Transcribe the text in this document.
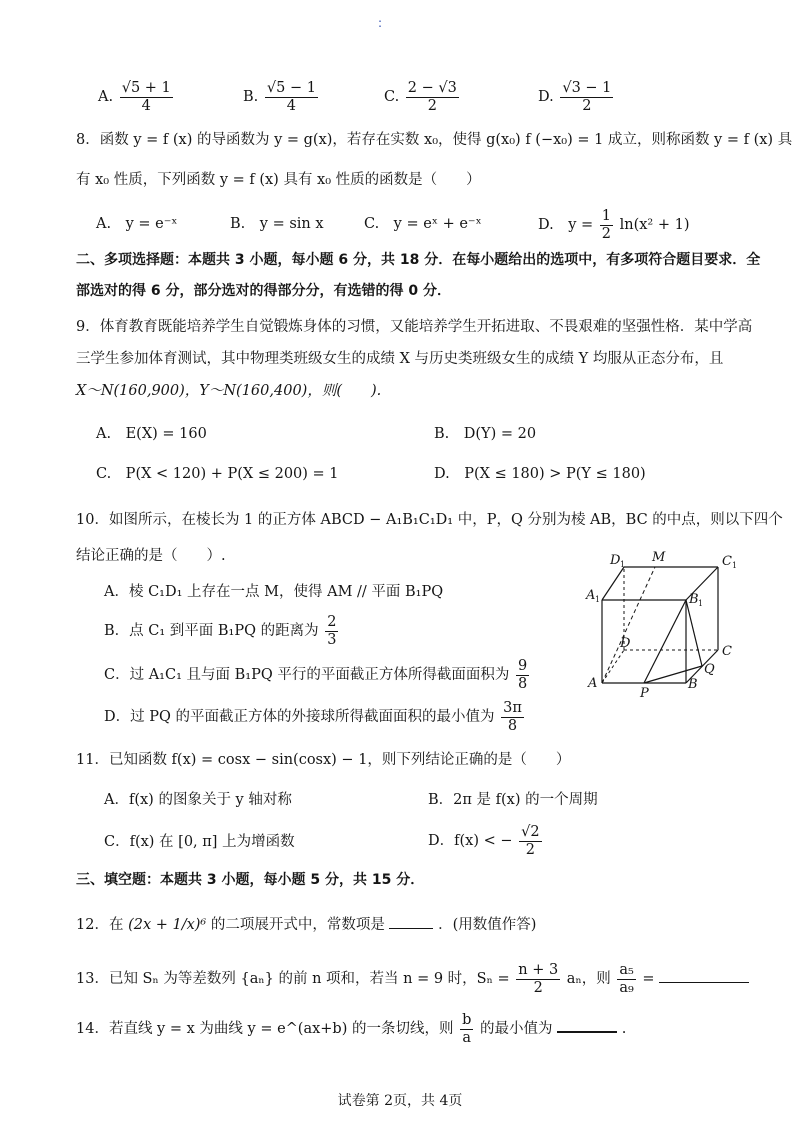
:
A. $\frac{√5 + 1}{4}$	B. $\frac{√5 - 1}{4}$	C. $\frac{2 - √3}{2}$	D. $\frac{√3 - 1}{2}$
8．函数 y = f (x) 的导函数为 y = g(x)，若存在实数 x₀，使得 g(x₀) f (−x₀) = 1 成立，则称函数 y = f (x) 具
有 x₀ 性质，下列函数 y = f (x) 具有 x₀ 性质的函数是（　　）
A.　y = e⁻ˣ	B.　y = sin x	C.　y = eˣ + e⁻ˣ	D.　$y = \frac{1}{2} \ln(x^2 + 1)$
二、多项选择题：本题共 3 小题，每小题 6 分，共 18 分．在每小题给出的选项中，有多项符合题目要求．全
部选对的得 6 分，部分选对的得部分分，有选错的得 0 分．
9．体育教育既能培养学生自觉锻炼身体的习惯，又能培养学生开拓进取、不畏艰难的坚强性格．某中学高
三学生参加体育测试，其中物理类班级女生的成绩 X 与历史类班级女生的成绩 Y 均服从正态分布，且
X～N(160,900)，Y～N(160,400)，则(　　).
A.　E(X) = 160	B.　D(Y) = 20
C.　P(X < 120) + P(X ≤ 200) = 1	D.　P(X ≤ 180) > P(Y ≤ 180)
10．如图所示，在棱长为 1 的正方体 ABCD − A₁B₁C₁D₁ 中，P，Q 分别为棱 AB，BC 的中点，则以下四个
结论正确的是（　　）.
A．棱 C₁D₁ 上存在一点 M，使得 AM // 平面 B₁PQ
B．点 C₁ 到平面 B₁PQ 的距离为 $\frac{2}{3}$
C．过 A₁C₁ 且与面 B₁PQ 平行的平面截正方体所得截面面积为 $\frac{9}{8}$
D．过 PQ 的平面截正方体的外接球所得截面面积的最小值为 $\frac{3\pi}{8}$
D 1 M	C 1
A 1	B 1
D
C
Q
A
P
B
11．已知函数 f(x) = cosx − sin(cosx) − 1，则下列结论正确的是（　　）
A．f(x) 的图象关于 y 轴对称	B．2π 是 f(x) 的一个周期
C．f(x) 在 [0, π] 上为增函数	D．f(x) < − $\frac{√2}{2}$
三、填空题：本题共 3 小题，每小题 5 分，共 15 分．
12．在 (2x + 1/x)⁶ 的二项展开式中，常数项是	．(用数值作答)
13．已知 Sₙ 为等差数列 {aₙ} 的前 n 项和，若当 n = 9 时，$S_n = \frac{n + 3}{2}$ aₙ，则 $\frac{\text{a₅}}{\text{a₉}}$ =
14．若直线 y = x 为曲线 y = e^(ax+b) 的一条切线，则 $\frac{b}{a}$ 的最小值为	.
试卷第 2页，共 4页
